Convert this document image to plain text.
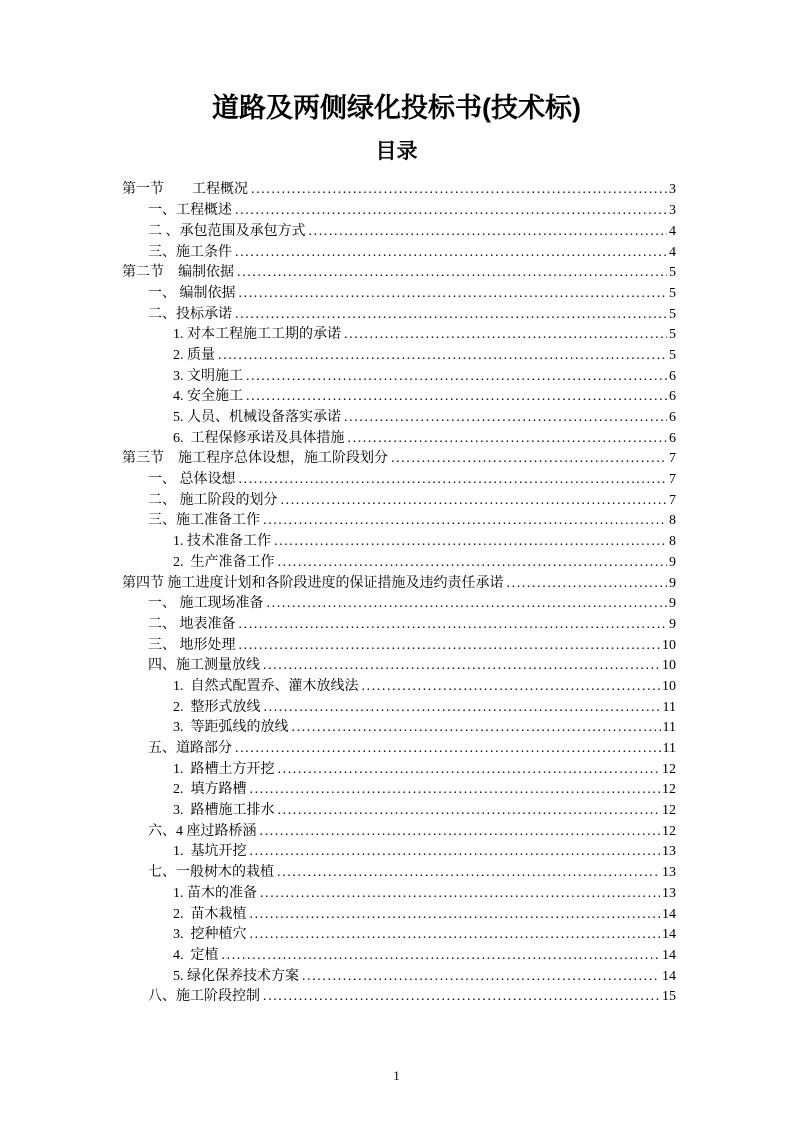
道路及两侧绿化投标书(技术标)
目录
第一节　　工程概况 .....	3
一、工程概述 .....	3
二 、承包范围及承包方式 .....	4
三、施工条件 .....	4
第二节　编制依据 .....	5
一、 编制依据 .....	5
二、投标承诺 .....	5
1. 对本工程施工工期的承诺 .....	5
2. 质量 .....	5
3. 文明施工 .....	6
4. 安全施工 .....	6
5. 人员、机械设备落实承诺 .....	6
6.  工程保修承诺及具体措施 .....	6
第三节　施工程序总体设想，施工阶段划分 .....	7
一、 总体设想 .....	7
二、 施工阶段的划分 .....	7
三、施工准备工作 .....	8
1. 技术准备工作 .....	8
2.  生产准备工作 .....	9
第四节 施工进度计划和各阶段进度的保证措施及违约责任承诺 .....	9
一、 施工现场准备 .....	9
二、 地表准备 .....	9
三、 地形处理 .....	10
四、施工测量放线 .....	10
1.  自然式配置乔、灌木放线法 .....	10
2.  整形式放线 .....	11
3.  等距弧线的放线 .....	11
五、道路部分 .....	11
1.  路槽土方开挖 .....	12
2.  填方路槽 .....	12
3.  路槽施工排水 .....	12
六、4 座过路桥涵 .....	12
1.  基坑开挖 .....	13
七、一般树木的栽植 .....	13
1. 苗木的准备 .....	13
2.  苗木栽植 .....	14
3.  挖种植穴 .....	14
4.  定植 .....	14
5. 绿化保养技术方案 .....	14
八、施工阶段控制 .....	15
1
